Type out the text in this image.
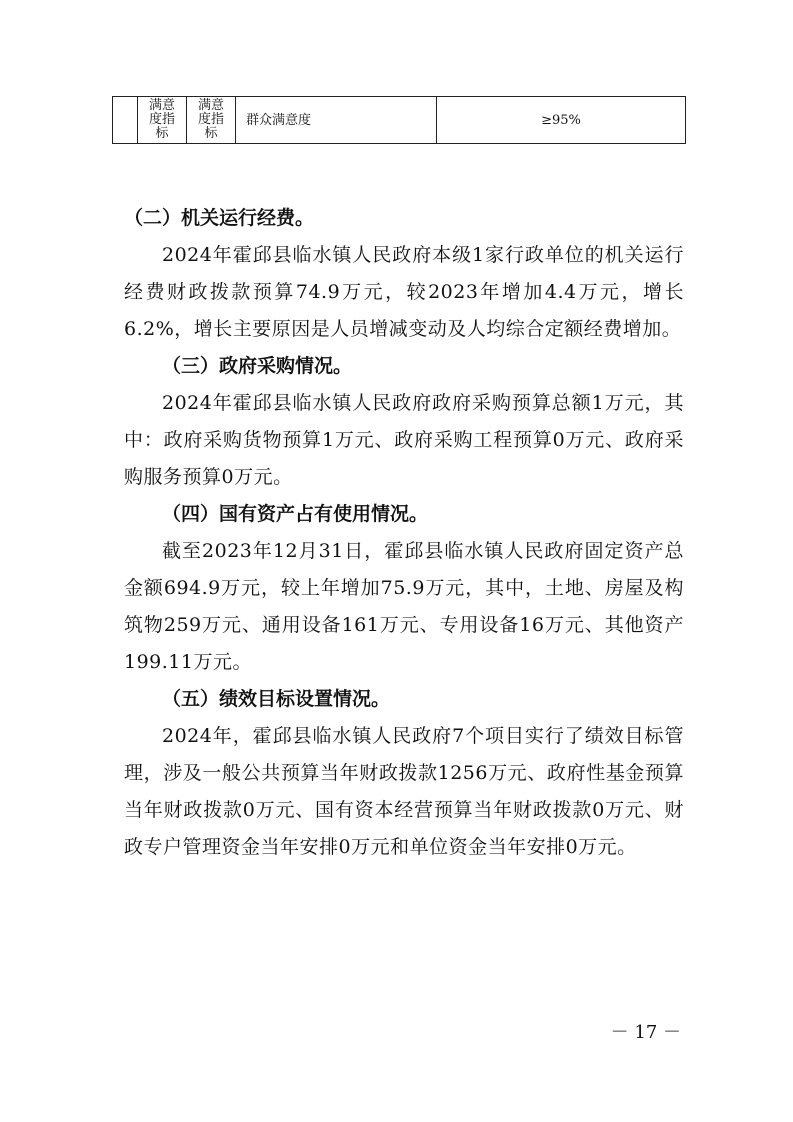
	满意度指标	满意度指标	群众满意度	≥95%

（二）机关运行经费。

2024年霍邱县临水镇人民政府本级1家行政单位的机关运行经费财政拨款预算74.9万元，较2023年增加4.4万元，增长6.2%，增长主要原因是人员增减变动及人均综合定额经费增加。

（三）政府采购情况。

2024年霍邱县临水镇人民政府政府采购预算总额1万元，其中：政府采购货物预算1万元、政府采购工程预算0万元、政府采购服务预算0万元。

（四）国有资产占有使用情况。

截至2023年12月31日，霍邱县临水镇人民政府固定资产总金额694.9万元，较上年增加75.9万元，其中，土地、房屋及构筑物259万元、通用设备161万元、专用设备16万元、其他资产199.11万元。

（五）绩效目标设置情况。

2024年，霍邱县临水镇人民政府7个项目实行了绩效目标管理，涉及一般公共预算当年财政拨款1256万元、政府性基金预算当年财政拨款0万元、国有资本经营预算当年财政拨款0万元、财政专户管理资金当年安排0万元和单位资金当年安排0万元。

－ 17 －
